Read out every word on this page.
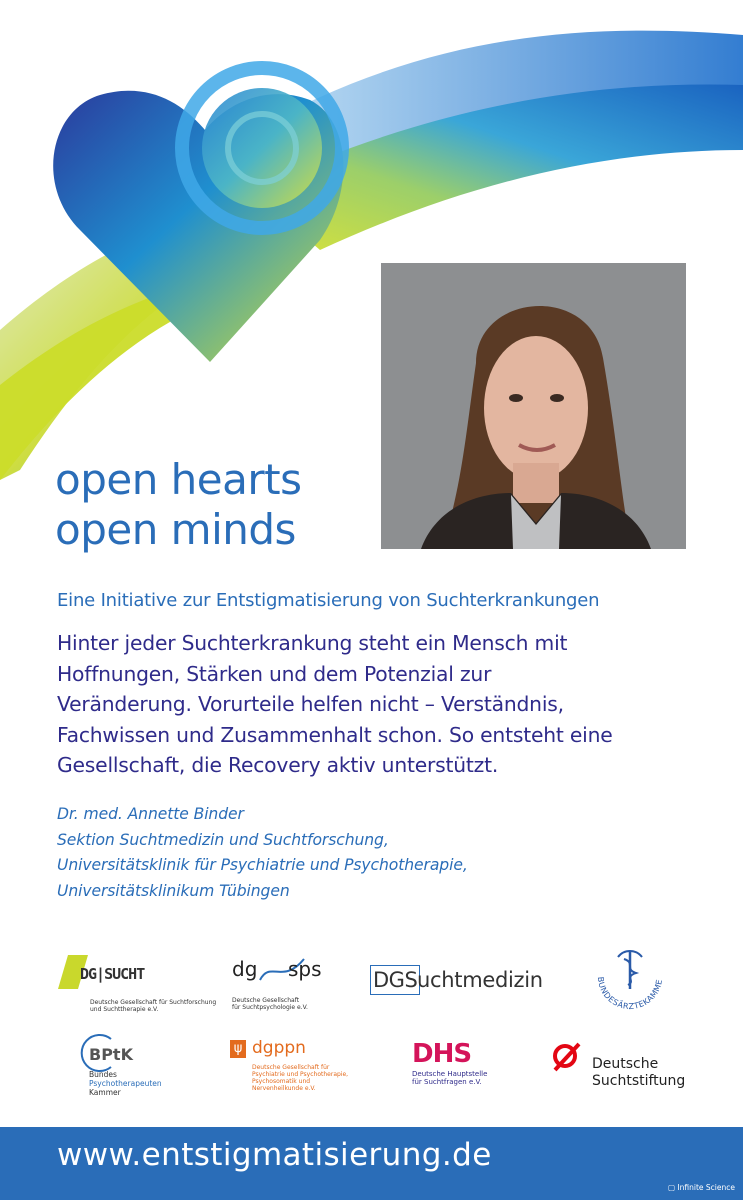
open hearts
open minds
Eine Initiative zur Entstigmatisierung von Suchterkrankungen

Hinter jeder Suchterkrankung steht ein Mensch mit

Hoffnungen, Stärken und dem Potenzial zur

Veränderung. Vorurteile helfen nicht – Verständnis,

Fachwissen und Zusammenhalt schon. So entsteht eine

Gesellschaft, die Recovery aktiv unterstützt.

Dr. med. Annette Binder

Sektion Suchtmedizin und Suchtforschung,

Universitätsklinik für Psychiatrie und Psychotherapie,

Universitätsklinikum Tübingen

DG|SUCHT
Deutsche Gesellschaft für Suchtforschung
und Suchttherapie e.V.
dg sps
Deutsche Gesellschaft
für Suchtpsychologie e.V.
DGS uchtmedizin	BUNDESÄRZTEKAMME
BPtK
Bundes
Psychotherapeuten
Kammer
ψ dgppn
Deutsche Gesellschaft für
Psychiatrie und Psychotherapie,
Psychosomatik und
Nervenheilkunde e.V.
DHS
Deutsche Hauptstelle
für Suchtfragen e.V.
Deutsche
Suchtstiftung
www.entstigmatisierung.de
▢ Infinite Science
